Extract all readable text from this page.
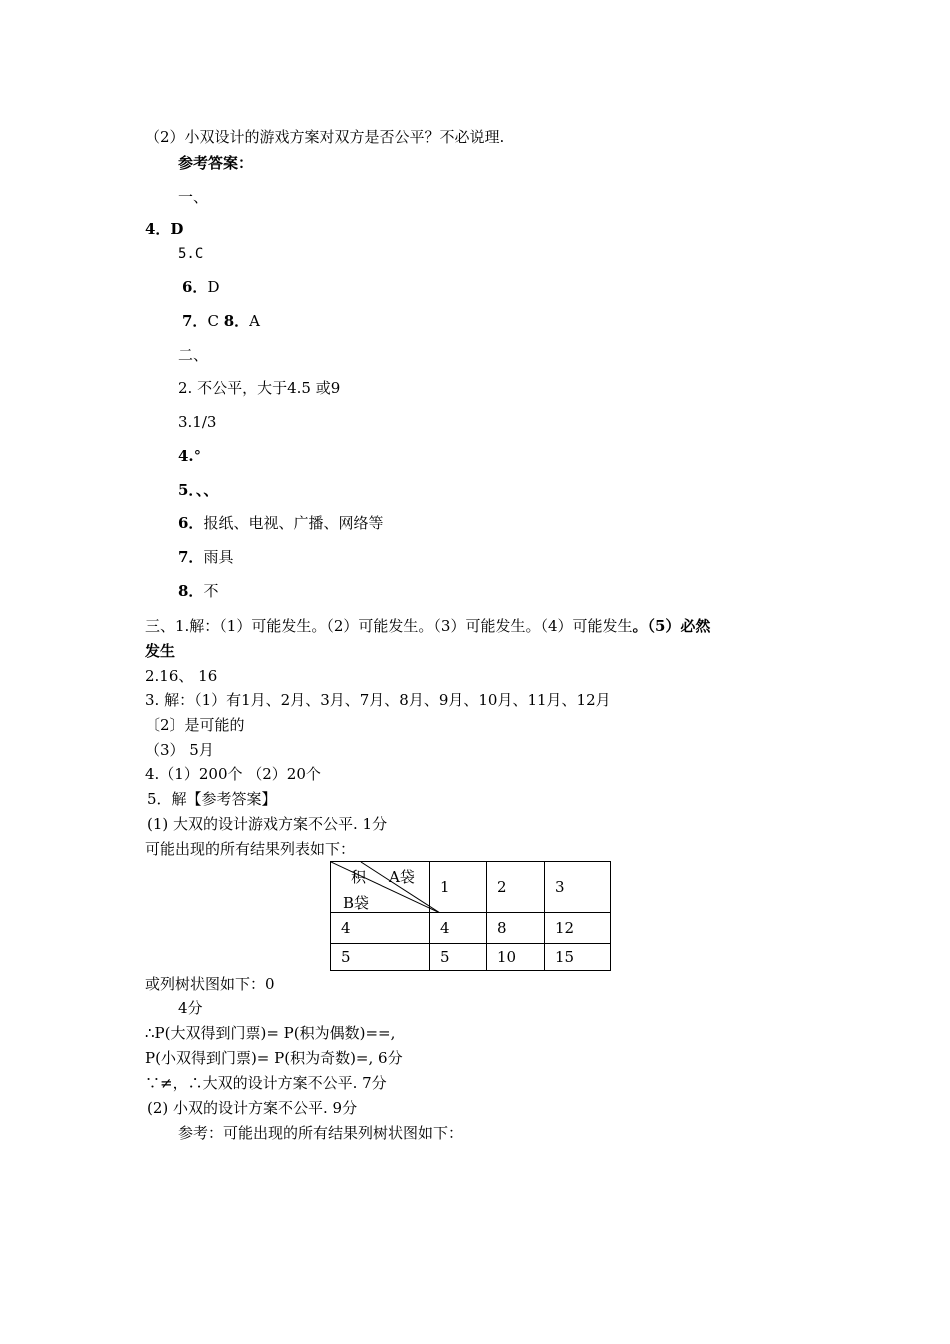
（2）小双设计的游戏方案对双方是否公平？不必说理.
参考答案：
一、
4．D
5.C
6．D
7．C 8．A
二、
2. 不公平，大于4.5 或9
3.1/3
4.°
5．、、
6．报纸、电视、广播、网络等
7．雨具
8．不
三、1.解：（1）可能发生。（2）可能发生。（3）可能发生。（4）可能发生。（5）必然
发生
2.16、 16
3. 解：（1）有1月、2月、3月、7月、8月、9月、10月、11月、12月
〔2〕是可能的
（3） 5月
4.（1）200个 （2）20个
5．解【参考答案】
(1) 大双的设计游戏方案不公平. 1分
可能出现的所有结果列表如下：
积 A袋
B袋	1	2	3
4	4	8	12
5	5	10	15
或列树状图如下：0
4分
∴P(大双得到门票)= P(积为偶数)==,
P(小双得到门票)= P(积为奇数)=, 6分
∵≠，∴大双的设计方案不公平. 7分
(2) 小双的设计方案不公平. 9分
参考：可能出现的所有结果列树状图如下：
